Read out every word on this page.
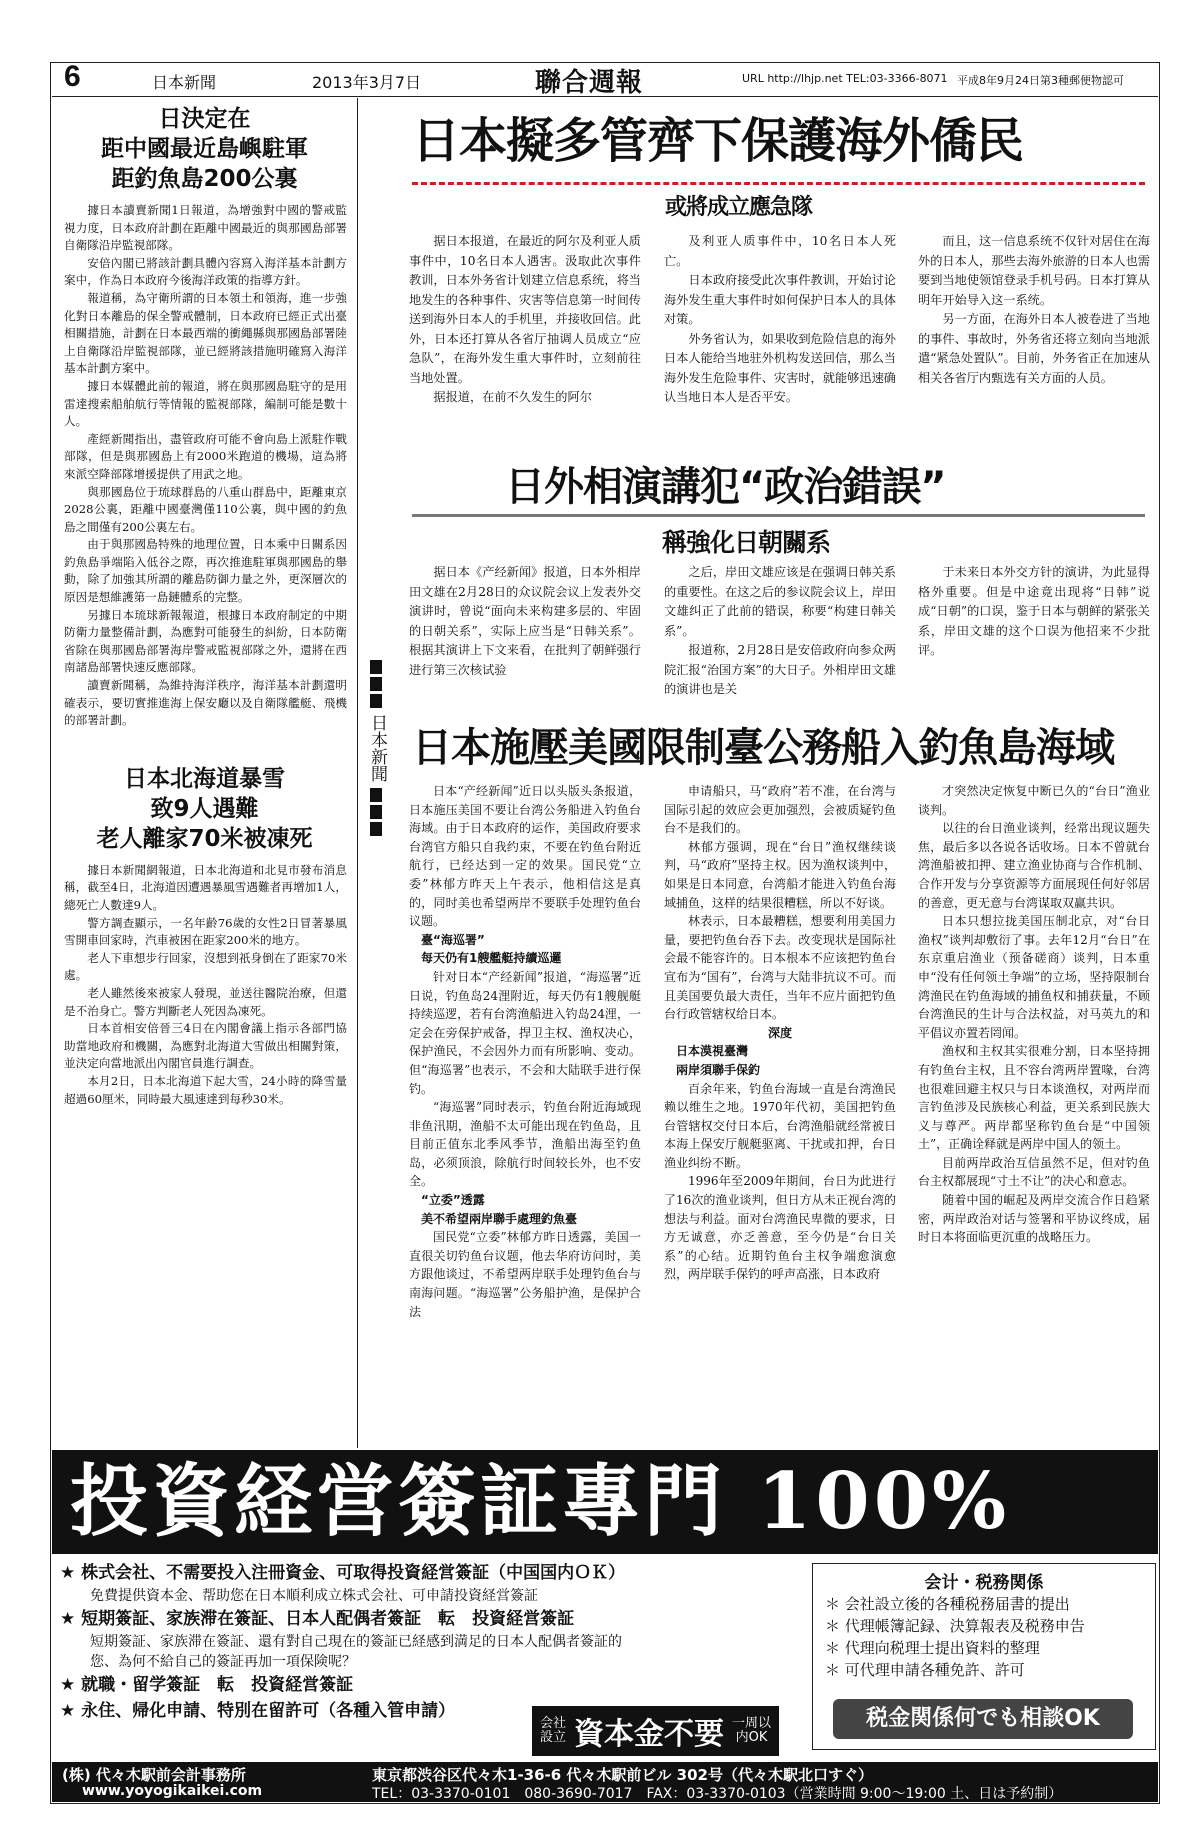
6	日本新聞	2013年3月7日	聯合週報	URL http://lhjp.net TEL:03-3366-8071 平成8年9月24日第3種郵便物認可
日決定在
距中國最近島嶼駐軍
距釣魚島200公裏

據日本讀賣新聞1日報道，為增強對中國的警戒監視力度，日本政府計劃在距離中國最近的與那國島部署自衛隊沿岸監視部隊。

安倍內閣已將該計劃具體內容寫入海洋基本計劃方案中，作為日本政府今後海洋政策的指導方針。

報道稱，為守衛所謂的日本領土和領海，進一步強化對日本離島的保全警戒體制，日本政府已經正式出臺相關措施，計劃在日本最西端的衝繩縣與那國島部署陸上自衛隊沿岸監視部隊，並已經將該措施明確寫入海洋基本計劃方案中。

據日本媒體此前的報道，將在與那國島駐守的是用雷達搜索船舶航行等情報的監視部隊，編制可能是數十人。

產經新聞指出，盡管政府可能不會向島上派駐作戰部隊，但是與那國島上有2000米跑道的機場，這為將來派空降部隊增援提供了用武之地。

與那國島位于琉球群島的八重山群島中，距離東京2028公裏，距離中國臺灣僅110公裏，與中國的釣魚島之間僅有200公裏左右。

由于與那國島特殊的地理位置，日本乘中日關系因釣魚島爭端陷入低谷之際，再次推進駐軍與那國島的舉動，除了加強其所謂的離島防御力量之外，更深層次的原因是想維護第一島鏈體系的完整。

另據日本琉球新報報道，根據日本政府制定的中期防衛力量整備計劃，為應對可能發生的糾紛，日本防衛省除在與那國島部署海岸警戒監視部隊之外，還將在西南諸島部署快速反應部隊。

讀賣新聞稱，為維持海洋秩序，海洋基本計劃還明確表示，要切實推進海上保安廳以及自衛隊艦艇、飛機的部署計劃。

日本北海道暴雪
致9人遇難
老人離家70米被凍死

據日本新聞網報道，日本北海道和北見市發布消息稱，截至4日，北海道因遭遇暴風雪遇難者再增加1人，總死亡人數達9人。

警方調查顯示，一名年齡76歲的女性2日冒著暴風雪開車回家時，汽車被困在距家200米的地方。

老人下車想步行回家，沒想到祇身倒在了距家70米處。

老人雖然後來被家人發現，並送往醫院治療，但還是不治身亡。警方判斷老人死因為凍死。

日本首相安倍晉三4日在內閣會議上指示各部門協助當地政府和機關，為應對北海道大雪做出相關對策，並決定向當地派出內閣官員進行調查。

本月2日，日本北海道下起大雪，24小時的降雪量超過60厘米，同時最大風速達到每秒30米。

日本新聞
日本擬多管齊下保護海外僑民
或將成立應急隊

据日本报道，在最近的阿尔及利亚人质事件中，10名日本人遇害。汲取此次事件教训，日本外务省计划建立信息系统，将当地发生的各种事件、灾害等信息第一时间传送到海外日本人的手机里，并接收回信。此外，日本还打算从各省厅抽调人员成立“应急队”，在海外发生重大事件时，立刻前往当地处置。

据报道，在前不久发生的阿尔

及利亚人质事件中，10名日本人死亡。

日本政府接受此次事件教训，开始讨论海外发生重大事件时如何保护日本人的具体对策。

外务省认为，如果收到危险信息的海外日本人能给当地驻外机构发送回信，那么当海外发生危险事件、灾害时，就能够迅速确认当地日本人是否平安。

而且，这一信息系统不仅针对居住在海外的日本人，那些去海外旅游的日本人也需要到当地使领馆登录手机号码。日本打算从明年开始导入这一系统。

另一方面，在海外日本人被卷进了当地的事件、事故时，外务省还将立刻向当地派遣“紧急处置队”。目前，外务省正在加速从相关各省厅内甄选有关方面的人员。

日外相演講犯“政治錯誤”
稱強化日朝關系

据日本《产经新闻》报道，日本外相岸田文雄在2月28日的众议院会议上发表外交演讲时，曾说“面向未来构建多层的、牢固的日朝关系”，实际上应当是“日韩关系”。根据其演讲上下文来看，在批判了朝鲜强行进行第三次核试验

之后，岸田文雄应该是在强调日韩关系的重要性。在这之后的参议院会议上，岸田文雄纠正了此前的错误，称要“构建日韩关系”。

报道称，2月28日是安倍政府向参众两院汇报“治国方案”的大日子。外相岸田文雄的演讲也是关

于未来日本外交方针的演讲，为此显得格外重要。但是中途竟出现将“日韩”说成“日朝”的口误，鉴于日本与朝鲜的紧张关系，岸田文雄的这个口误为他招来不少批评。

日本施壓美國限制臺公務船入釣魚島海域

日本“产经新闻”近日以头版头条报道，日本施压美国不要让台湾公务船进入钓鱼台海域。由于日本政府的运作，美国政府要求台湾官方船只自我约束，不要在钓鱼台附近航行，已经达到一定的效果。国民党“立委”林郁方昨天上午表示，他相信这是真的，同时美也希望两岸不要联手处理钓鱼台议题。

臺“海巡署”
每天仍有1艘艦艇持續巡邏

针对日本“产经新闻”报道，“海巡署”近日说，钓鱼岛24浬附近，每天仍有1艘舰艇持续巡逻，若有台湾渔船进入钓岛24浬，一定会在旁保护戒备，捍卫主权、渔权决心，保护渔民，不会因外力而有所影响、变动。但“海巡署”也表示，不会和大陆联手进行保钓。

“海巡署”同时表示，钓鱼台附近海域现非鱼汛期，渔船不太可能出现在钓鱼岛，且目前正值东北季风季节，渔船出海至钓鱼岛，必须顶浪，除航行时间较长外，也不安全。

“立委”透露
美不希望兩岸聯手處理釣魚臺

国民党“立委”林郁方昨日透露，美国一直很关切钓鱼台议题，他去华府访问时，美方跟他谈过，不希望两岸联手处理钓鱼台与南海问题。“海巡署”公务船护渔，是保护合法

申请船只，马“政府”若不准，在台湾与国际引起的效应会更加强烈，会被质疑钓鱼台不是我们的。

林郁方强调，现在“台日”渔权继续谈判，马“政府”坚持主权。因为渔权谈判中，如果是日本同意，台湾船才能进入钓鱼台海域捕鱼，这样的结果很糟糕，所以不好谈。

林表示，日本最糟糕，想要利用美国力量，要把钓鱼台吞下去。改变现状是国际社会最不能容许的。日本根本不应该把钓鱼台宣布为“国有”，台湾与大陆非抗议不可。而且美国要负最大责任，当年不应片面把钓鱼台行政管辖权给日本。

深度
日本漠視臺灣
兩岸須聯手保釣

百余年来，钓鱼台海域一直是台湾渔民赖以维生之地。1970年代初，美国把钓鱼台管辖权交付日本后，台湾渔船就经常被日本海上保安厅舰艇驱离、干扰或扣押，台日渔业纠纷不断。

1996年至2009年期间，台日为此进行了16次的渔业谈判，但日方从未正视台湾的想法与利益。面对台湾渔民卑微的要求，日方无诚意，亦乏善意，至今仍是“台日关系”的心结。近期钓鱼台主权争端愈演愈烈，两岸联手保钓的呼声高涨，日本政府

才突然决定恢复中断已久的“台日”渔业谈判。

以往的台日渔业谈判，经常出现议题失焦，最后多以各说各话收场。日本不曾就台湾渔船被扣押、建立渔业协商与合作机制、合作开发与分享资源等方面展现任何好邻居的善意，更无意与台湾谋取双赢共识。

日本只想拉拢美国压制北京，对“台日渔权”谈判却敷衍了事。去年12月“台日”在东京重启渔业（预备磋商）谈判，日本重申“没有任何领土争端”的立场，坚持限制台湾渔民在钓鱼海域的捕鱼权和捕获量，不顾台湾渔民的生计与合法权益，对马英九的和平倡议亦置若罔闻。

渔权和主权其实很难分割，日本坚持拥有钓鱼台主权，且不容台湾两岸置喙，台湾也很难回避主权只与日本谈渔权，对两岸而言钓鱼涉及民族核心利益，更关系到民族大义与尊严。两岸都坚称钓鱼台是“中国领土”，正确诠释就是两岸中国人的领土。

目前两岸政治互信虽然不足，但对钓鱼台主权都展现“寸土不让”的决心和意志。

随着中国的崛起及两岸交流合作日趋紧密，两岸政治对话与签署和平协议终成，届时日本将面临更沉重的战略压力。

投資経営簽証專門 100%
★ 株式会社、不需要投入注冊資金、可取得投資経営簽証（中国国内ＯＫ）
免費提供資本金、帮助您在日本順利成立株式会社、可申請投資経営簽証
★ 短期簽証、家族滞在簽証、日本人配偶者簽証　転　投資経営簽証
短期簽証、家族滞在簽証、還有對自己現在的簽証已経感到満足的日本人配偶者簽証的
您、為何不給自己的簽証再加一項保険呢？
★ 就職・留学簽証　転　投資経営簽証
★ 永住、帰化申請、特別在留許可（各種入管申請）
会社
設立 資本金不要 一周以
内OK
会计・税務関係
＊ 会社設立後的各種税務届書的提出
＊ 代理帳簿記録、決算報表及税務申告
＊ 代理向税理士提出資料的整理
＊ 可代理申請各種免許、許可
税金関係何でも相談OK
(株) 代々木駅前会計事務所
www.yoyogikaikei.com
東京都渋谷区代々木1-36-6 代々木駅前ビル 302号（代々木駅北口すぐ）
TEL：03-3370-0101　080-3690-7017　FAX：03-3370-0103（営業時間 9:00～19:00 土、日は予約制）
